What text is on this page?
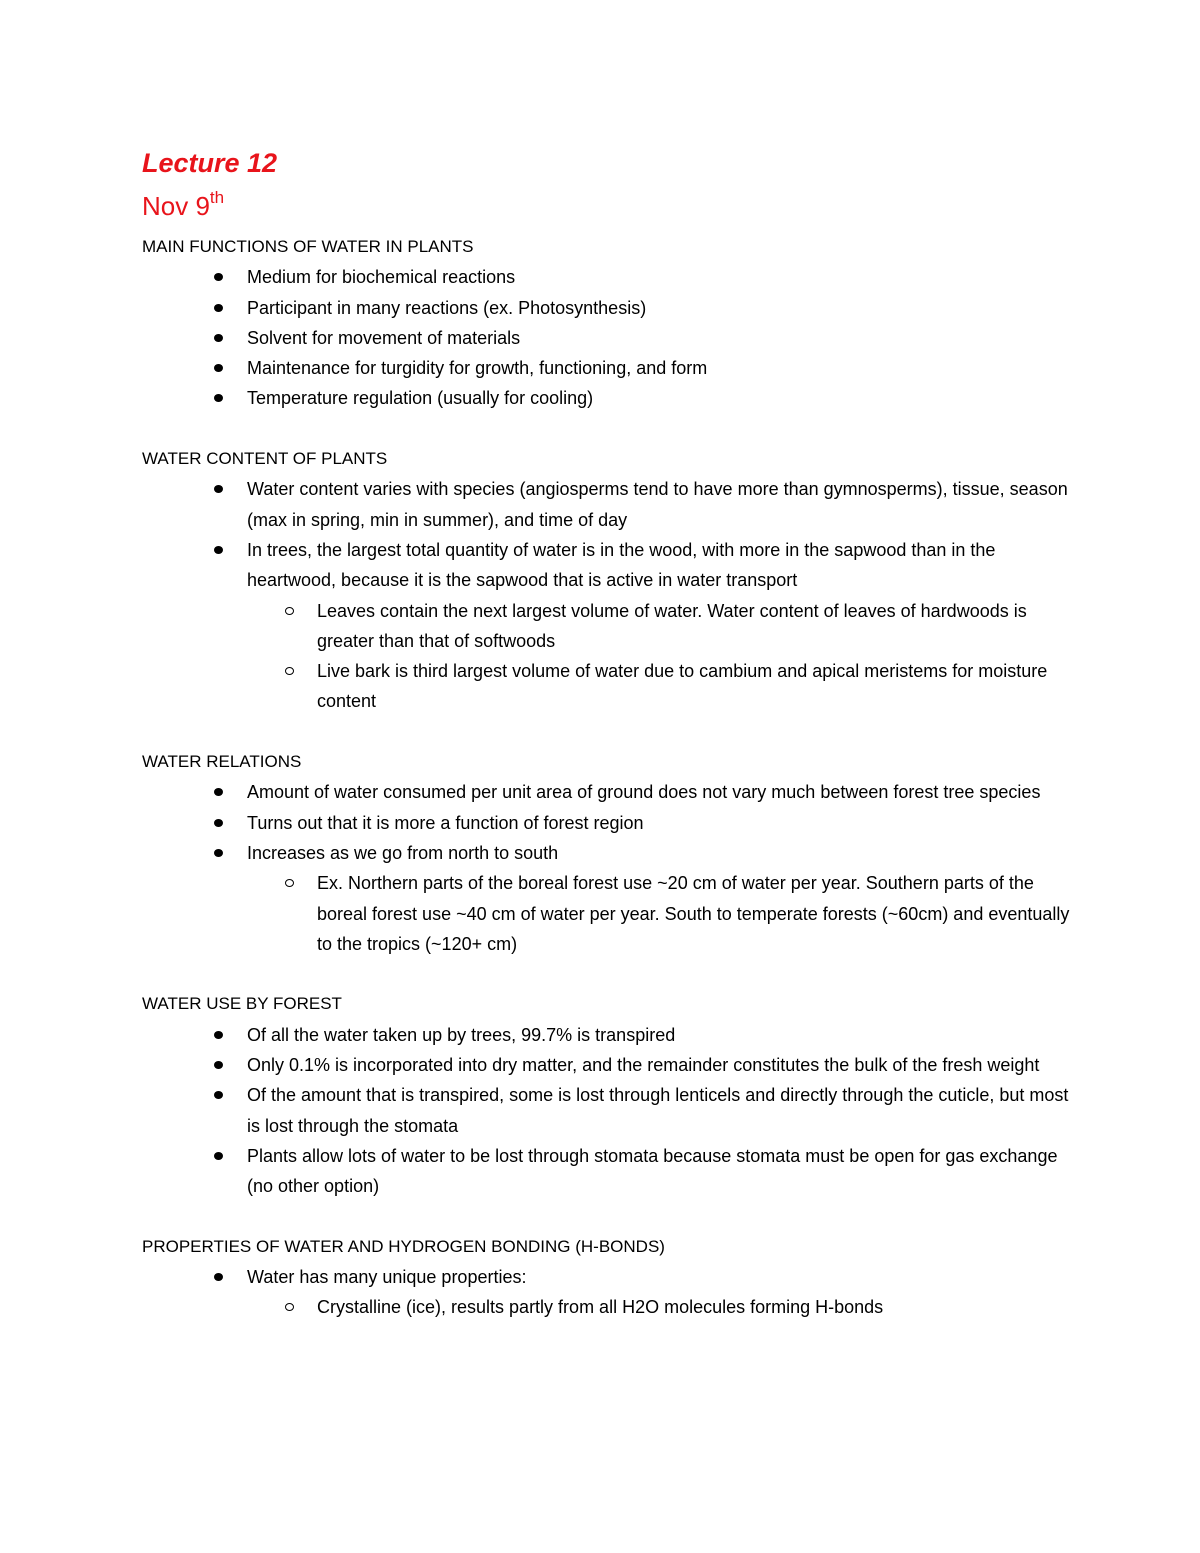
Lecture 12
Nov 9th
MAIN FUNCTIONS OF WATER IN PLANTS
Medium for biochemical reactions
Participant in many reactions (ex. Photosynthesis)
Solvent for movement of materials
Maintenance for turgidity for growth, functioning, and form
Temperature regulation (usually for cooling)
WATER CONTENT OF PLANTS
Water content varies with species (angiosperms tend to have more than gymnosperms), tissue, season (max in spring, min in summer), and time of day
In trees, the largest total quantity of water is in the wood, with more in the sapwood than in the heartwood, because it is the sapwood that is active in water transport
Leaves contain the next largest volume of water. Water content of leaves of hardwoods is greater than that of softwoods
Live bark is third largest volume of water due to cambium and apical meristems for moisture content
WATER RELATIONS
Amount of water consumed per unit area of ground does not vary much between forest tree species
Turns out that it is more a function of forest region
Increases as we go from north to south
Ex. Northern parts of the boreal forest use ~20 cm of water per year. Southern parts of the boreal forest use ~40 cm of water per year. South to temperate forests (~60cm) and eventually to the tropics (~120+ cm)
WATER USE BY FOREST
Of all the water taken up by trees, 99.7% is transpired
Only 0.1% is incorporated into dry matter, and the remainder constitutes the bulk of the fresh weight
Of the amount that is transpired, some is lost through lenticels and directly through the cuticle, but most is lost through the stomata
Plants allow lots of water to be lost through stomata because stomata must be open for gas exchange (no other option)
PROPERTIES OF WATER AND HYDROGEN BONDING (H-BONDS)
Water has many unique properties:
Crystalline (ice), results partly from all H2O molecules forming H-bonds
